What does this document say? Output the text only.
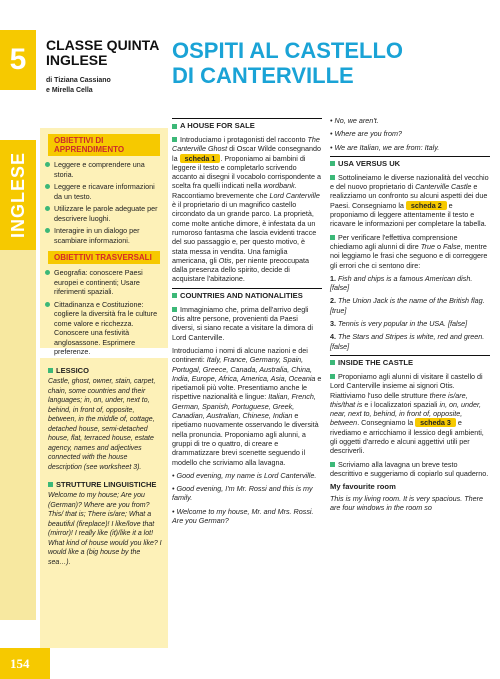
5
INGLESE
154
CLASSE QUINTA
INGLESE
di Tiziana Cassiano
e Mirella Cella
OBIETTIVI DI APPRENDIMENTO
Leggere e comprendere una storia.
Leggere e ricavare informazioni da un testo.
Utilizzare le parole adeguate per descrivere luoghi.
Interagire in un dialogo per scambiare informazioni.
OBIETTIVI TRASVERSALI
Geografia: conoscere Paesi europei e continenti; Usare riferimenti spaziali.
Cittadinanza e Costituzione: cogliere la diversità fra le culture come valore e ricchezza. Conoscere una festività anglosassone. Esprimere preferenze.
LESSICO

Castle, ghost, owner, stain, carpet, chain, some countries and their languages; in, on, under, next to, behind, in front of, opposite, between, in the middle of, cottage, detached house, semi-detached house, flat, terraced house, estate agency, names and adjectives connected with the house description (see worksheet 3).

STRUTTURE LINGUISTICHE

Welcome to my house; Are you (German)? Where are you from? This/ that is; There is/are; What a beautiful (fireplace)! I like/love that (mirror)! I really like (it)/like it a lot! What kind of house would you like? I would like a (big house by the sea…).

OSPITI AL CASTELLO
DI CANTERVILLE
A HOUSE FOR SALE

Introduciamo i protagonisti del racconto The Canterville Ghost di Oscar Wilde consegnando la scheda 1 . Proponiamo ai bambini di leggere il testo e completarlo scrivendo accanto ai disegni il vocabolo corrispondente a scelta fra quelli indicati nella wordbank. Raccontiamo brevemente che Lord Canterville è il proprietario di un magnifico castello circondato da un grande parco. La proprietà, come molte antiche dimore, è infestata da un rumoroso fantasma che lascia evidenti tracce del suo passaggio e, per questo motivo, è stata messa in vendita. Una famiglia americana, gli Otis, per niente preoccupata dalla presenza dello spirito, decide di acquistare l'abitazione.

COUNTRIES AND NATIONALITIES

Immaginiamo che, prima dell'arrivo degli Otis altre persone, provenienti da Paesi diversi, si siano recate a visitare la dimora di Lord Canterville.

Introduciamo i nomi di alcune nazioni e dei continenti: Italy, France, Germany, Spain, Portugal, Greece, Canada, Australia, China, India, Europe, Africa, America, Asia, Oceania e ripetiamoli più volte. Presentiamo anche le rispettive nazionalità e lingue: Italian, French, German, Spanish, Portuguese, Greek, Canadian, Australian, Chinese, Indian e ripetiamo nuovamente osservando le diversità nella pronuncia. Proponiamo agli alunni, a gruppi di tre o quattro, di creare e drammatizzare brevi scenette seguendo il modello che scriviamo alla lavagna.

• Good evening, my name is Lord Canterville.

• Good evening, I'm Mr. Rossi and this is my family.

• Welcome to my house, Mr. and Mrs. Rossi. Are you German?

• No, we aren't.

• Where are you from?

• We are Italian, we are from: Italy.

USA VERSUS UK

Sottolineiamo le diverse nazionalità del vecchio e del nuovo proprietario di Canterville Castle e realizziamo un confronto su alcuni aspetti dei due Paesi. Consegniamo la scheda 2 e proponiamo di leggere attentamente il testo e ricavare le informazioni per completare la tabella.

Per verificare l'effettiva comprensione chiediamo agli alunni di dire True o False, mentre noi leggiamo le frasi che seguono e di correggere gli errori che ci sentono dire:

1. Fish and chips is a famous American dish. [false]

2. The Union Jack is the name of the British flag. [true]

3. Tennis is very popular in the USA. [false]

4. The Stars and Stripes is white, red and green. [false]

INSIDE THE CASTLE

Proponiamo agli alunni di visitare il castello di Lord Canterville insieme ai signori Otis. Riattiviamo l'uso delle strutture there is/are, this/that is e i localizzatori spaziali in, on, under, near, next to, behind, in front of, opposite, between. Consegniamo la scheda 3 e rivediamo e arricchiamo il lessico degli ambienti, gli oggetti d'arredo e alcuni aggettivi utili per descriverli.

Scriviamo alla lavagna un breve testo descrittivo e suggeriamo di copiarlo sul quaderno.

My favourite room

This is my living room. It is very spacious. There are four windows in the room so
